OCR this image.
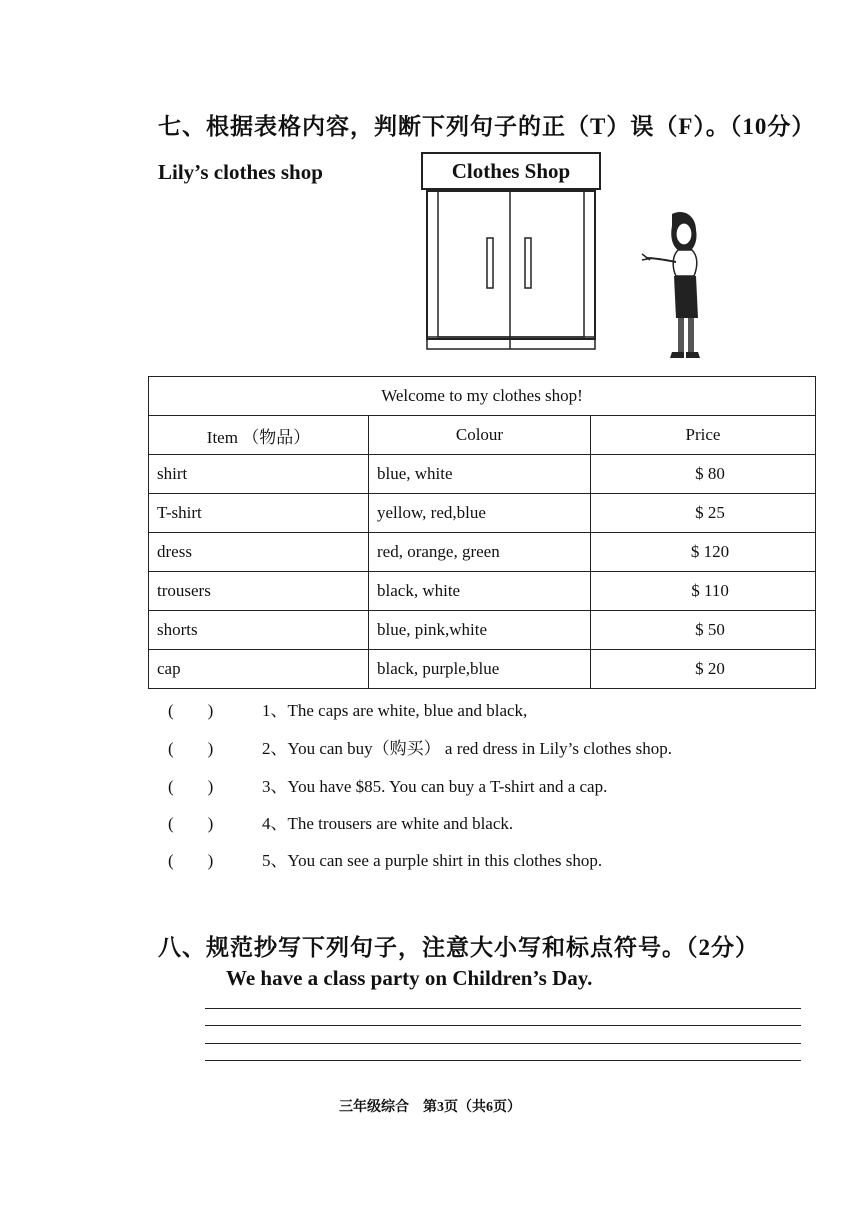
七、根据表格内容，判断下列句子的正（T）误（F）。（10分）
Lily’s clothes shop	Clothes Shop
Welcome to my clothes shop!		
Item （物品）	Colour	Price
shirt	blue, white	$ 80
T-shirt	yellow, red,blue	$ 25
dress	red, orange, green	$ 120
trousers	black, white	$ 110
shorts	blue, pink,white	$ 50
cap	black, purple,blue	$ 20
(　　)	1、The caps are white, blue and black,
(　　)	2、You can buy（购买） a red dress in Lily’s clothes shop.
(　　)	3、You have $85. You can buy a T-shirt and a cap.
(　　)	4、The trousers are white and black.
(　　)	5、You can see a purple shirt in this clothes shop.
八、规范抄写下列句子，注意大小写和标点符号。（2分）
We have a class party on Children’s Day.
三年级综合　第3页（共6页）
